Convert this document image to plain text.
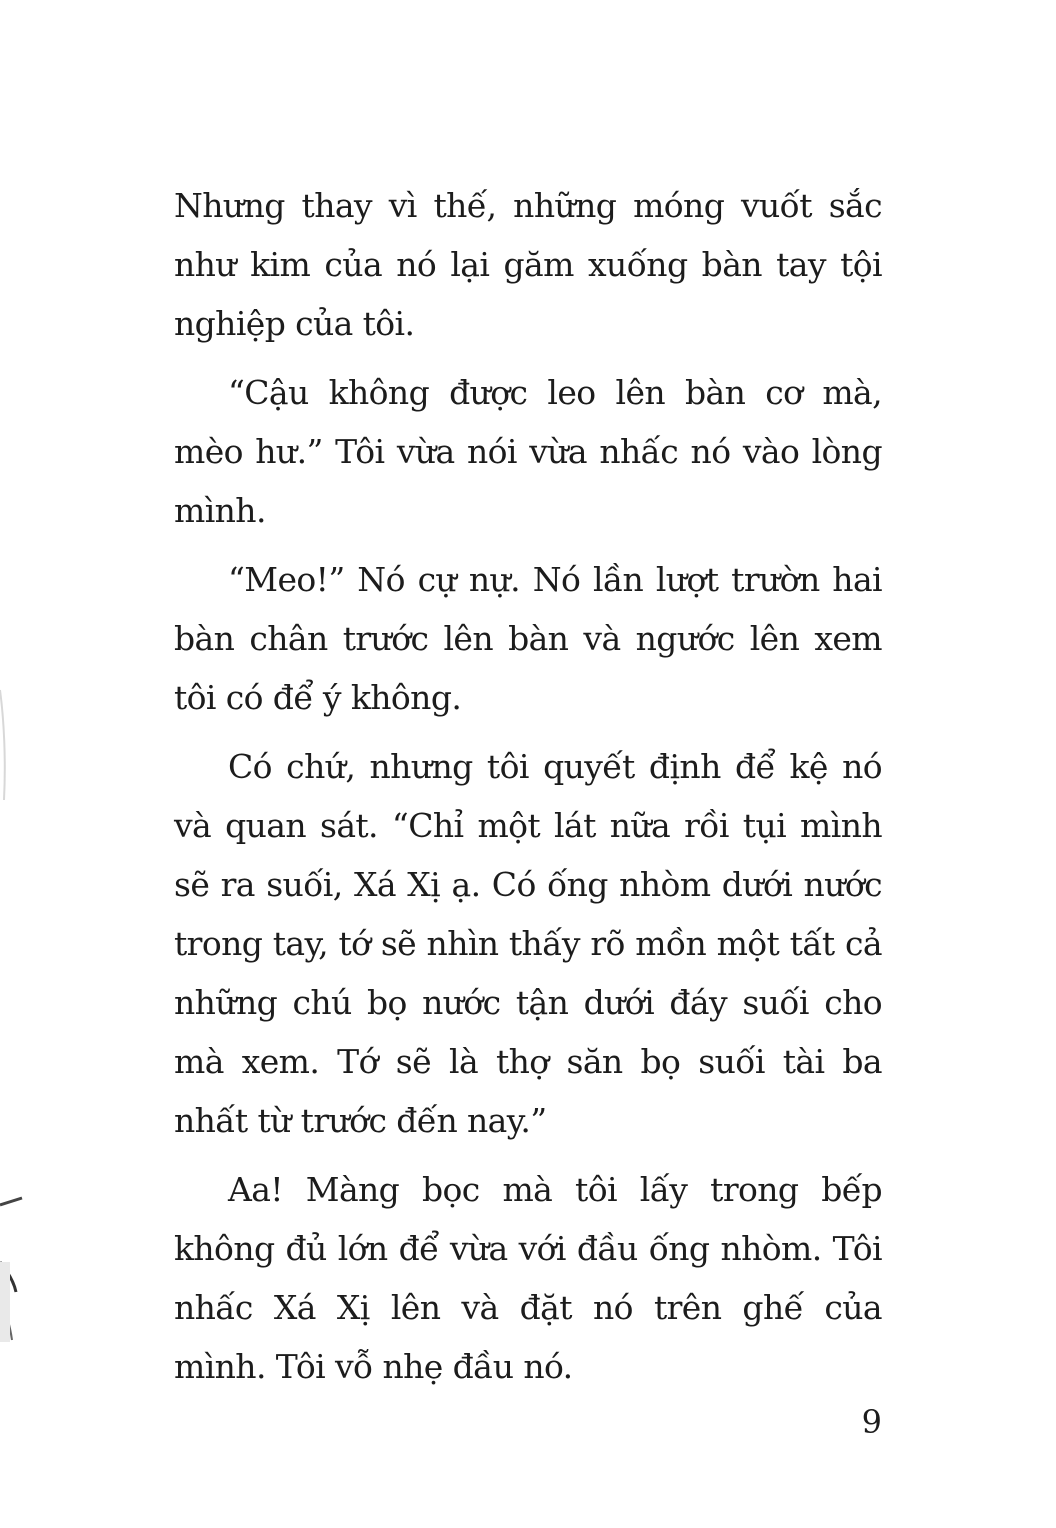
Nhưng thay vì thế, những móng vuốt sắc như kim của nó lại găm xuống bàn tay tội nghiệp của tôi.

“Cậu không được leo lên bàn cơ mà, mèo hư.” Tôi vừa nói vừa nhấc nó vào lòng mình.

“Meo!” Nó cự nự. Nó lần lượt trườn hai bàn chân trước lên bàn và ngước lên xem tôi có để ý không.

Có chứ, nhưng tôi quyết định để kệ nó và quan sát. “Chỉ một lát nữa rồi tụi mình sẽ ra suối, Xá Xị ạ. Có ống nhòm dưới nước trong tay, tớ sẽ nhìn thấy rõ mồn một tất cả những chú bọ nước tận dưới đáy suối cho mà xem. Tớ sẽ là thợ săn bọ suối tài ba nhất từ trước đến nay.”

Aa! Màng bọc mà tôi lấy trong bếp không đủ lớn để vừa với đầu ống nhòm. Tôi nhấc Xá Xị lên và đặt nó trên ghế của mình. Tôi vỗ nhẹ đầu nó.

9
